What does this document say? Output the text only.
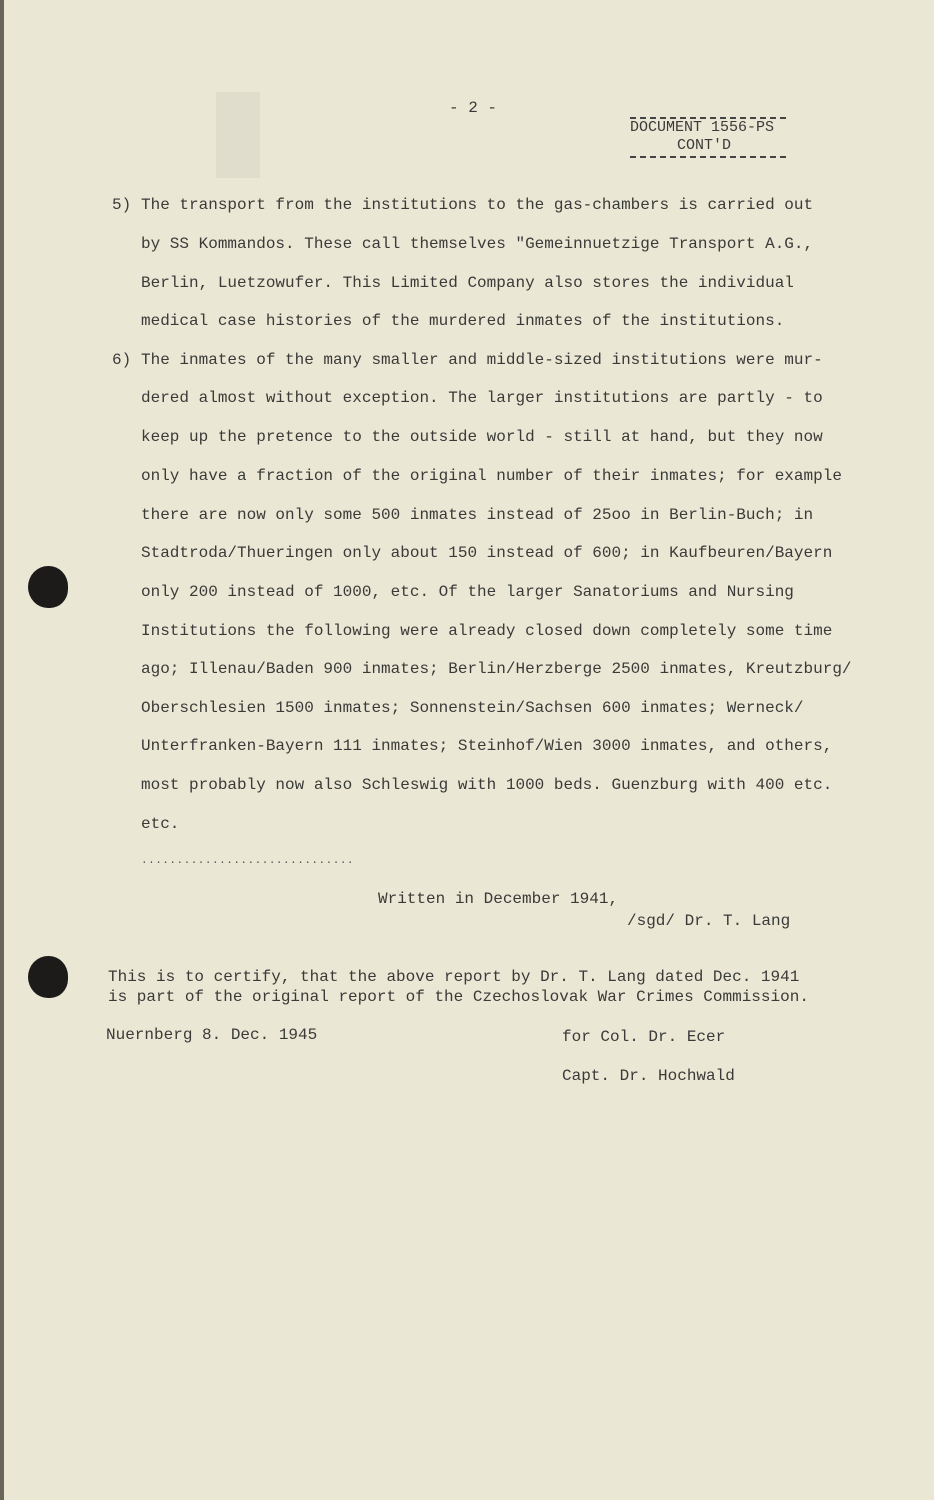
- 2 -
DOCUMENT 1556-PS
CONT'D
5) The transport from the institutions to the gas-chambers is carried out
by SS Kommandos. These call themselves "Gemeinnuetzige Transport A.G.,
Berlin, Luetzowufer. This Limited Company also stores the individual
medical case histories of the murdered inmates of the institutions.
6) The inmates of the many smaller and middle-sized institutions were mur-
dered almost without exception. The larger institutions are partly - to
keep up the pretence to the outside world - still at hand, but they now
only have a fraction of the original number of their inmates; for example
there are now only some 500 inmates instead of 25oo in Berlin-Buch; in
Stadtroda/Thueringen only about 150 instead of 600; in Kaufbeuren/Bayern
only 200 instead of 1000, etc. Of the larger Sanatoriums and Nursing
Institutions the following were already closed down completely some time
ago; Illenau/Baden 900 inmates; Berlin/Herzberge 2500 inmates, Kreutzburg/
Oberschlesien 1500 inmates; Sonnenstein/Sachsen 600 inmates; Werneck/
Unterfranken-Bayern 111 inmates; Steinhof/Wien 3000 inmates, and others,
most probably now also Schleswig with 1000 beds. Guenzburg with 400 etc.
etc.
..............................
Written in December 1941,
/sgd/ Dr. T. Lang
This is to certify, that the above report by Dr. T. Lang dated Dec. 1941
is part of the original report of the Czechoslovak War Crimes Commission.
Nuernberg 8. Dec. 1945	for Col. Dr. Ecer
Capt. Dr. Hochwald
